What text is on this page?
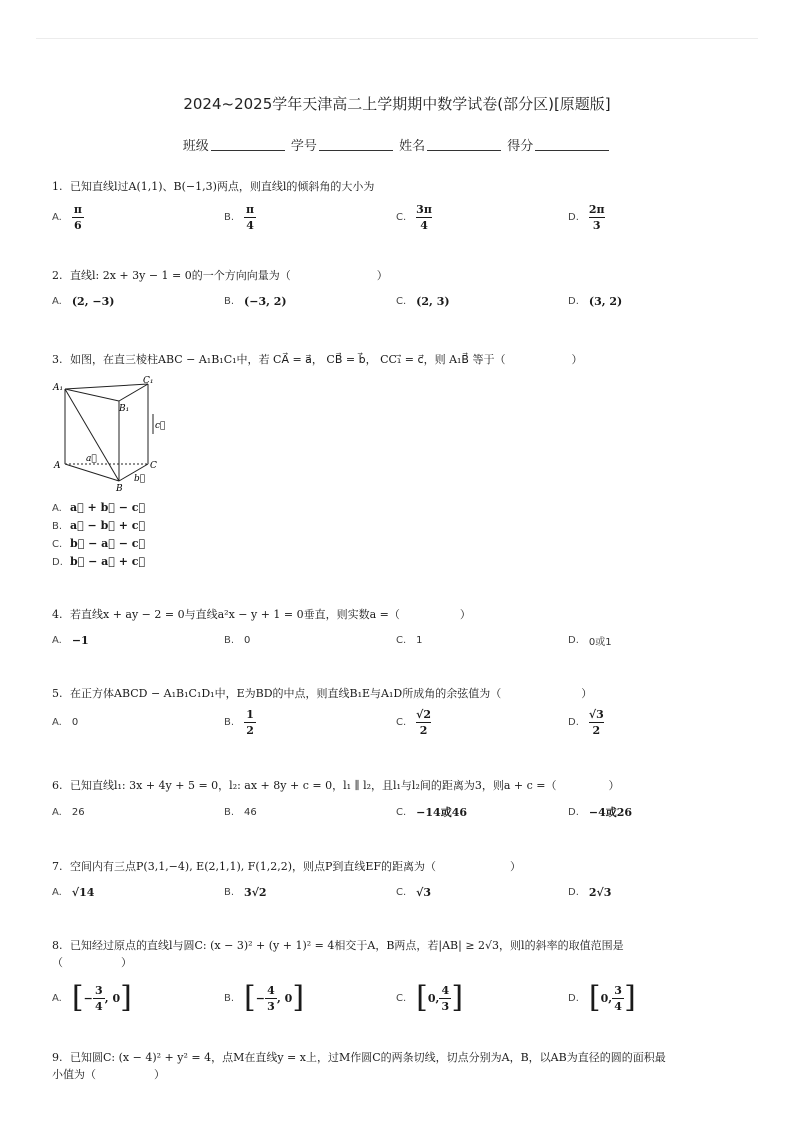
2024~2025学年天津高二上学期期中数学试卷(部分区)[原题版]
班级	学号	姓名	得分
1. 已知直线l过A(1,1)、B(−1,3)两点，则直线l的倾斜角的大小为
A. $\frac{\pi}{6}$	B. $\frac{\pi}{4}$	C. $\frac{3\pi}{4}$	D. $\frac{2\pi}{3}$
2. 直线l: 2x + 3y − 1 = 0的一个方向向量为（	）
A. (2, −3)	B. (−3, 2)	C. (2, 3)	D. (3, 2)
3. 如图，在直三棱柱ABC − A₁B₁C₁中，若 CA⃗ = a⃗， CB⃗ = b⃗， CC₁⃗ = c⃗，则 A₁B⃗ 等于（	）
A₁
C₁
B₁
A
B
C
a⃗
b⃗
c⃗
A. a⃗ + b⃗ − c⃗
B. a⃗ − b⃗ + c⃗
C. b⃗ − a⃗ − c⃗
D. b⃗ − a⃗ + c⃗
4. 若直线x + ay − 2 = 0与直线a²x − y + 1 = 0垂直，则实数a =（	）
A. −1	B. 0	C. 1	D. 0或1
5. 在正方体ABCD − A₁B₁C₁D₁中，E为BD的中点，则直线B₁E与A₁D所成角的余弦值为（	）
A. 0	B. $\frac{1}{2}$	C. $\frac{√2}{2}$	D. $\frac{√3}{2}$
6. 已知直线l₁: 3x + 4y + 5 = 0，l₂: ax + 8y + c = 0，l₁ ∥ l₂，且l₁与l₂间的距离为3，则a + c =（	）
A. 26	B. 46	C. −14或46	D. −4或26
7. 空间内有三点P(3,1,−4), E(2,1,1), F(1,2,2)，则点P到直线EF的距离为（	）
A. √14	B. 3√2	C. √3	D. 2√3
8. 已知经过原点的直线l与圆C: (x − 3)² + (y + 1)² = 4相交于A，B两点，若|AB| ≥ 2√3，则l的斜率的取值范围是
（	）
A. [ − $\frac{3}{4}$ , 0 ]	B. [ − $\frac{4}{3}$ , 0 ]	C. [ 0, $\frac{4}{3}$ ]	D. [ 0, $\frac{3}{4}$ ]
9. 已知圆C: (x − 4)² + y² = 4，点M在直线y = x上，过M作圆C的两条切线，切点分别为A，B，以AB为直径的圆的面积最
小值为（	）
